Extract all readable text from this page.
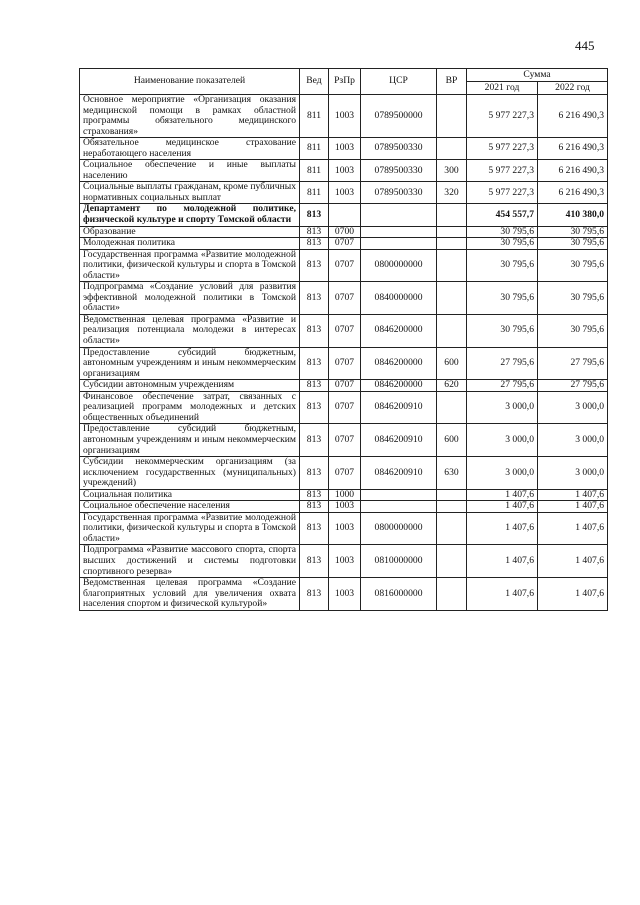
445
Наименование показателей	Вед	РзПр	ЦСР	ВР	Сумма	
					2021 год	2022 год
Основное мероприятие «Организация оказания медицинской помощи в рамках областной программы обязательного медицинского страхования»	811	1003	0789500000		5 977 227,3	6 216 490,3
Обязательное медицинское страхование неработающего населения	811	1003	0789500330		5 977 227,3	6 216 490,3
Социальное обеспечение и иные выплаты населению	811	1003	0789500330	300	5 977 227,3	6 216 490,3
Социальные выплаты гражданам, кроме публичных нормативных социальных выплат	811	1003	0789500330	320	5 977 227,3	6 216 490,3
Департамент по молодежной политике, физической культуре и спорту Томской области	813				454 557,7	410 380,0
Образование	813	0700			30 795,6	30 795,6
Молодежная политика	813	0707			30 795,6	30 795,6
Государственная программа «Развитие молодежной политики, физической культуры и спорта в Томской области»	813	0707	0800000000		30 795,6	30 795,6
Подпрограмма «Создание условий для развития эффективной молодежной политики в Томской области»	813	0707	0840000000		30 795,6	30 795,6
Ведомственная целевая программа «Развитие и реализация потенциала молодежи в интересах области»	813	0707	0846200000		30 795,6	30 795,6
Предоставление субсидий бюджетным, автономным учреждениям и иным некоммерческим организациям	813	0707	0846200000	600	27 795,6	27 795,6
Субсидии автономным учреждениям	813	0707	0846200000	620	27 795,6	27 795,6
Финансовое обеспечение затрат, связанных с реализацией программ молодежных и детских общественных объединений	813	0707	0846200910		3 000,0	3 000,0
Предоставление субсидий бюджетным, автономным учреждениям и иным некоммерческим организациям	813	0707	0846200910	600	3 000,0	3 000,0
Субсидии некоммерческим организациям (за исключением государственных (муниципальных) учреждений)	813	0707	0846200910	630	3 000,0	3 000,0
Социальная политика	813	1000			1 407,6	1 407,6
Социальное обеспечение населения	813	1003			1 407,6	1 407,6
Государственная программа «Развитие молодежной политики, физической культуры и спорта в Томской области»	813	1003	0800000000		1 407,6	1 407,6
Подпрограмма «Развитие массового спорта, спорта высших достижений и системы подготовки спортивного резерва»	813	1003	0810000000		1 407,6	1 407,6
Ведомственная целевая программа «Создание благоприятных условий для увеличения охвата населения спортом и физической культурой»	813	1003	0816000000		1 407,6	1 407,6
